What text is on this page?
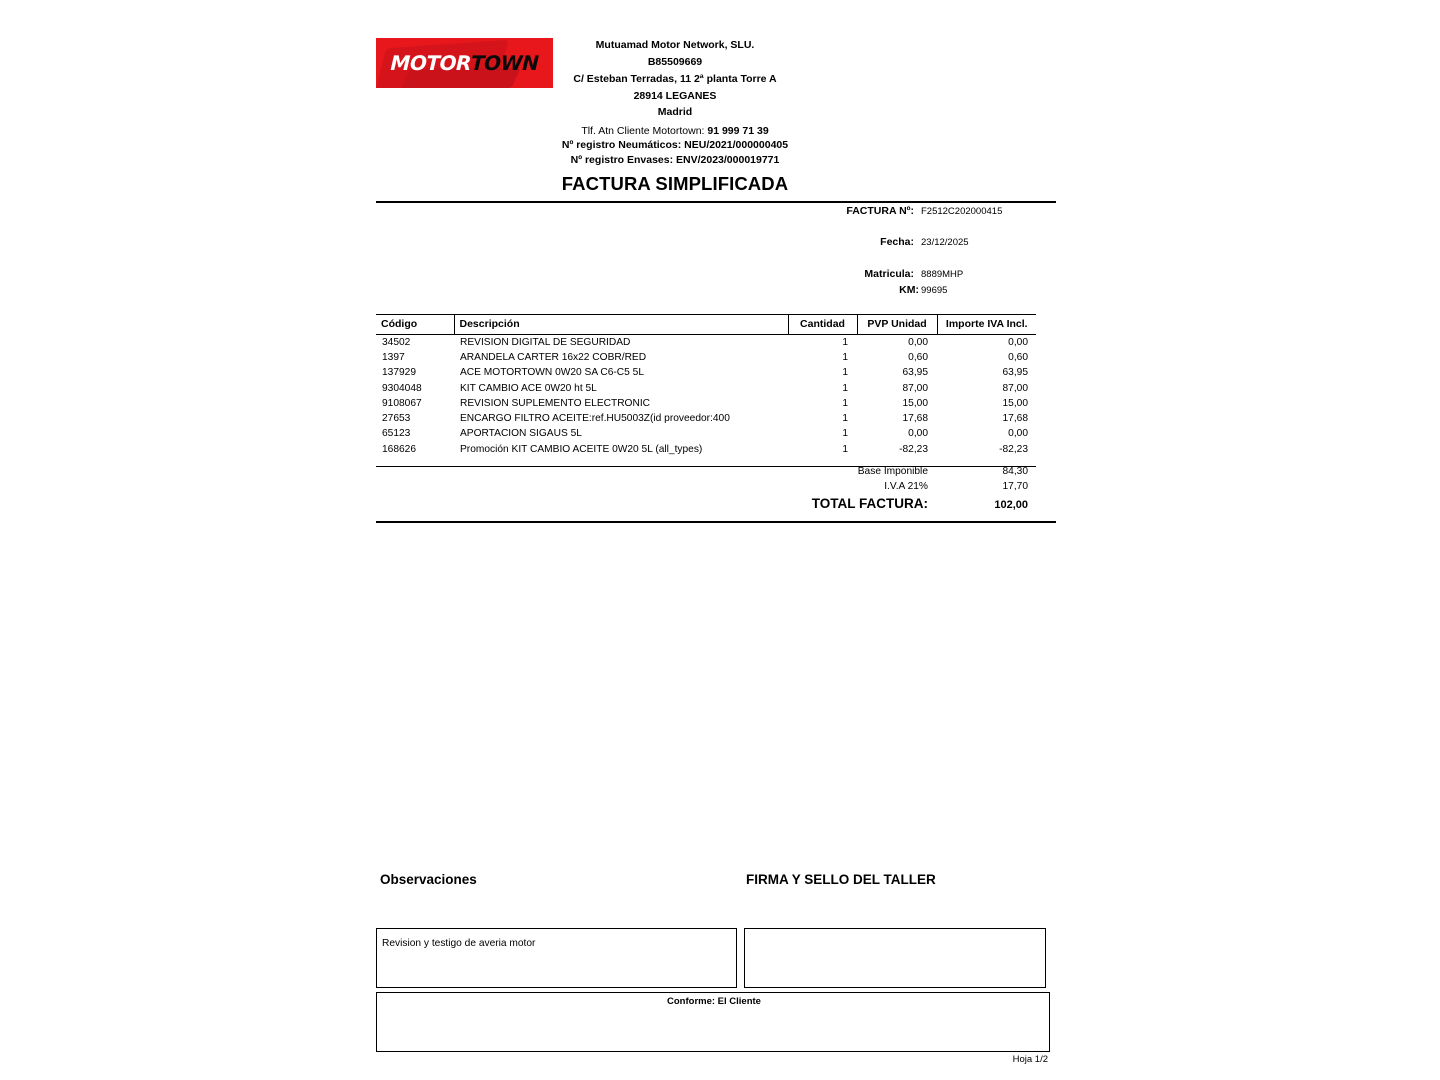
MOTOR TOWN
Mutuamad Motor Network, SLU.
B85509669
C/ Esteban Terradas, 11 2ª planta Torre A
28914 LEGANES
Madrid
Tlf. Atn Cliente Motortown: 91 999 71 39
Nº registro Neumáticos: NEU/2021/000000405
Nº registro Envases: ENV/2023/000019771
FACTURA SIMPLIFICADA
FACTURA Nº: F2512C202000415
Fecha: 23/12/2025
Matricula: 8889MHP
KM: 99695
Código	Descripción	Cantidad	PVP Unidad	Importe IVA Incl.
34502	REVISION DIGITAL DE SEGURIDAD	1	0,00	0,00
1397	ARANDELA CARTER 16x22 COBR/RED	1	0,60	0,60
137929	ACE MOTORTOWN 0W20 SA C6-C5 5L	1	63,95	63,95
9304048	KIT CAMBIO ACE 0W20 ht 5L	1	87,00	87,00
9108067	REVISION SUPLEMENTO ELECTRONIC	1	15,00	15,00
27653	ENCARGO FILTRO ACEITE:ref.HU5003Z(id proveedor:400	1	17,68	17,68
65123	APORTACION SIGAUS 5L	1	0,00	0,00
168626	Promoción KIT CAMBIO ACEITE 0W20 5L (all_types)	1	-82,23	-82,23
Base Imponible	84,30
I.V.A 21%	17,70
TOTAL FACTURA:	102,00
Observaciones	FIRMA Y SELLO DEL TALLER
Revision y testigo de averia motor
Conforme: El Cliente
Hoja 1/2
